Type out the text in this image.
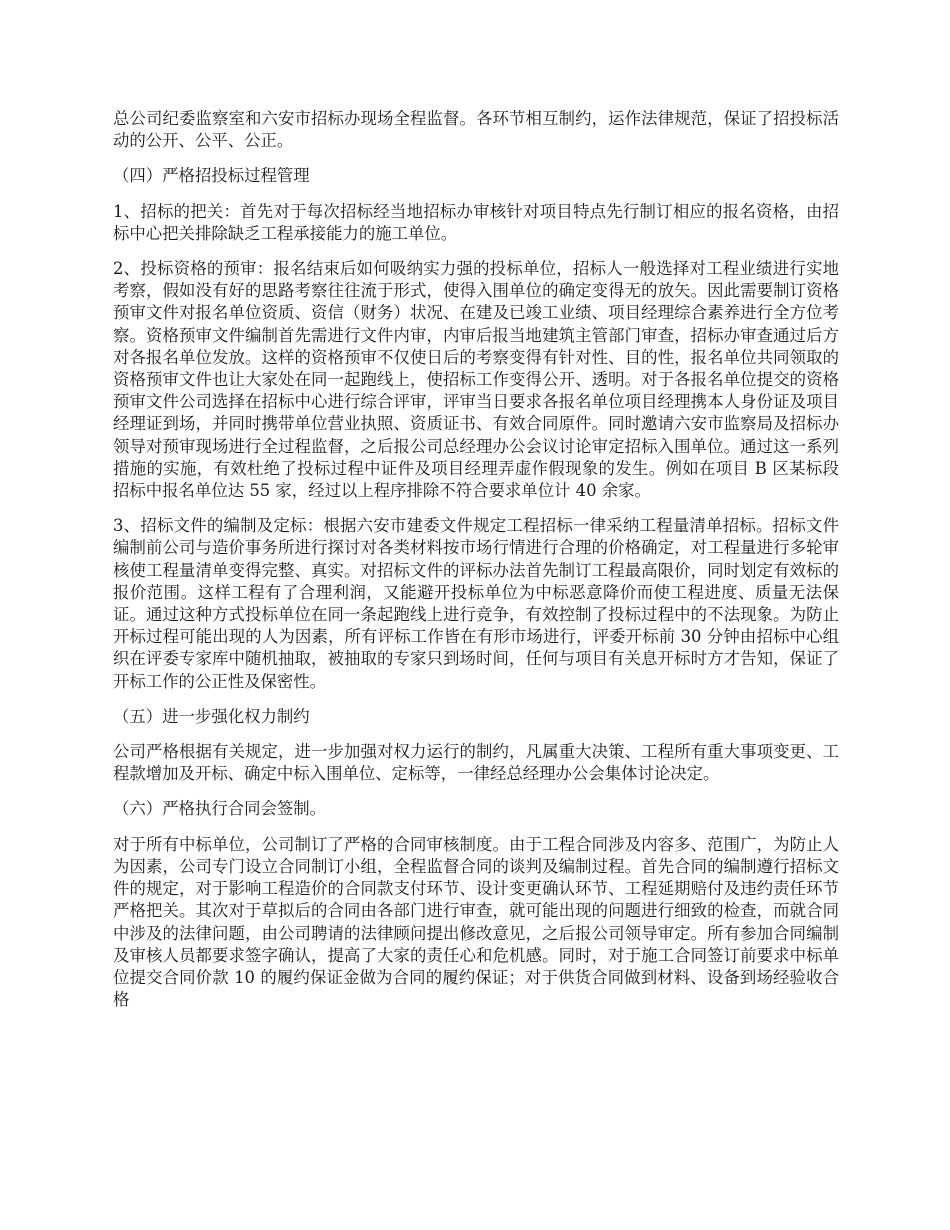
总公司纪委监察室和六安市招标办现场全程监督。各环节相互制约，运作法律规范，保证了招投标活动的公开、公平、公正。

（四）严格招投标过程管理

1、招标的把关：首先对于每次招标经当地招标办审核针对项目特点先行制订相应的报名资格，由招标中心把关排除缺乏工程承接能力的施工单位。

2、投标资格的预审：报名结束后如何吸纳实力强的投标单位，招标人一般选择对工程业绩进行实地考察，假如没有好的思路考察往往流于形式，使得入围单位的确定变得无的放矢。因此需要制订资格预审文件对报名单位资质、资信（财务）状况、在建及已竣工业绩、项目经理综合素养进行全方位考察。资格预审文件编制首先需进行文件内审，内审后报当地建筑主管部门审查，招标办审查通过后方对各报名单位发放。这样的资格预审不仅使日后的考察变得有针对性、目的性，报名单位共同领取的资格预审文件也让大家处在同一起跑线上，使招标工作变得公开、透明。对于各报名单位提交的资格预审文件公司选择在招标中心进行综合评审，评审当日要求各报名单位项目经理携本人身份证及项目经理证到场，并同时携带单位营业执照、资质证书、有效合同原件。同时邀请六安市监察局及招标办领导对预审现场进行全过程监督，之后报公司总经理办公会议讨论审定招标入围单位。通过这一系列措施的实施，有效杜绝了投标过程中证件及项目经理弄虚作假现象的发生。例如在项目 B 区某标段招标中报名单位达 55 家，经过以上程序排除不符合要求单位计 40 余家。

3、招标文件的编制及定标：根据六安市建委文件规定工程招标一律采纳工程量清单招标。招标文件编制前公司与造价事务所进行探讨对各类材料按市场行情进行合理的价格确定，对工程量进行多轮审核使工程量清单变得完整、真实。对招标文件的评标办法首先制订工程最高限价，同时划定有效标的报价范围。这样工程有了合理利润，又能避开投标单位为中标恶意降价而使工程进度、质量无法保证。通过这种方式投标单位在同一条起跑线上进行竞争，有效控制了投标过程中的不法现象。为防止开标过程可能出现的人为因素，所有评标工作皆在有形市场进行，评委开标前 30 分钟由招标中心组织在评委专家库中随机抽取，被抽取的专家只到场时间，任何与项目有关息开标时方才告知，保证了开标工作的公正性及保密性。

（五）进一步强化权力制约

公司严格根据有关规定，进一步加强对权力运行的制约，凡属重大决策、工程所有重大事项变更、工程款增加及开标、确定中标入围单位、定标等，一律经总经理办公会集体讨论决定。

（六）严格执行合同会签制。

对于所有中标单位，公司制订了严格的合同审核制度。由于工程合同涉及内容多、范围广，为防止人为因素，公司专门设立合同制订小组，全程监督合同的谈判及编制过程。首先合同的编制遵行招标文件的规定，对于影响工程造价的合同款支付环节、设计变更确认环节、工程延期赔付及违约责任环节严格把关。其次对于草拟后的合同由各部门进行审查，就可能出现的问题进行细致的检查，而就合同中涉及的法律问题，由公司聘请的法律顾问提出修改意见，之后报公司领导审定。所有参加合同编制及审核人员都要求签字确认，提高了大家的责任心和危机感。同时，对于施工合同签订前要求中标单位提交合同价款 10 的履约保证金做为合同的履约保证；对于供货合同做到材料、设备到场经验收合格
